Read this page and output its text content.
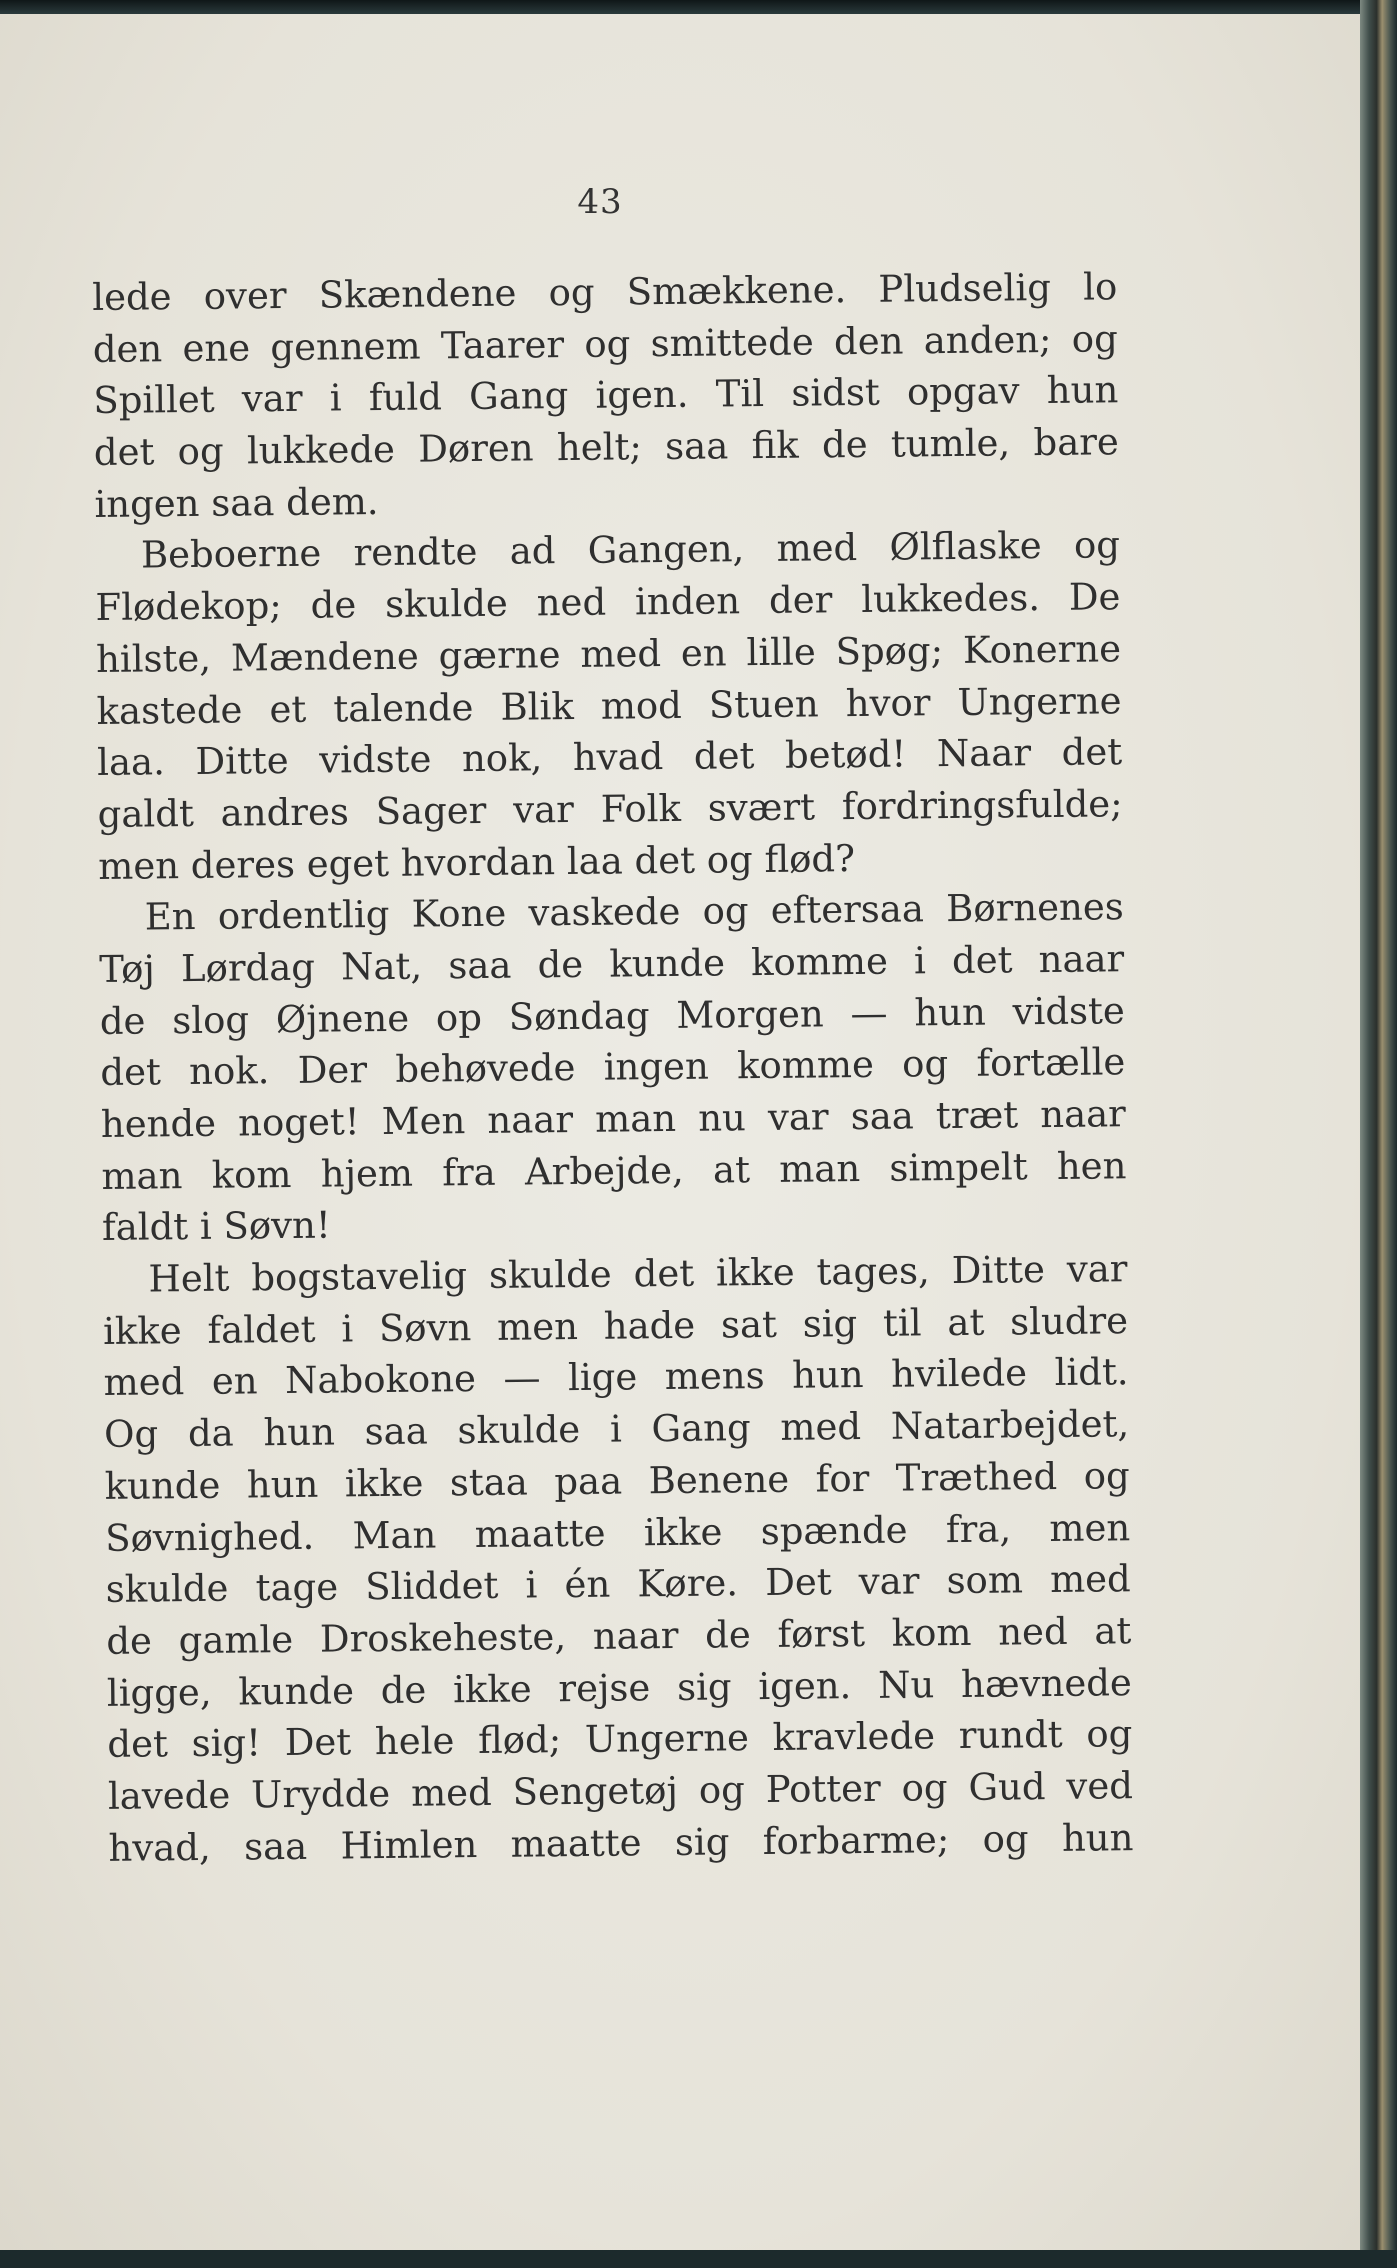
43
lede over Skændene og Smækkene. Pludselig lo
den ene gennem Taarer og smittede den anden; og
Spillet var i fuld Gang igen. Til sidst opgav hun
det og lukkede Døren helt; saa fik de tumle, bare
ingen saa dem.
Beboerne rendte ad Gangen, med Ølflaske og
Flødekop; de skulde ned inden der lukkedes. De
hilste, Mændene gærne med en lille Spøg; Konerne
kastede et talende Blik mod Stuen hvor Ungerne
laa. Ditte vidste nok, hvad det betød! Naar det
galdt andres Sager var Folk svært fordringsfulde;
men deres eget hvordan laa det og flød?
En ordentlig Kone vaskede og eftersaa Børnenes
Tøj Lørdag Nat, saa de kunde komme i det naar
de slog Øjnene op Søndag Morgen — hun vidste
det nok. Der behøvede ingen komme og fortælle
hende noget! Men naar man nu var saa træt naar
man kom hjem fra Arbejde, at man simpelt hen
faldt i Søvn!
Helt bogstavelig skulde det ikke tages, Ditte var
ikke faldet i Søvn men hade sat sig til at sludre
med en Nabokone — lige mens hun hvilede lidt.
Og da hun saa skulde i Gang med Natarbejdet,
kunde hun ikke staa paa Benene for Træthed og
Søvnighed. Man maatte ikke spænde fra, men
skulde tage Sliddet i én Køre. Det var som med
de gamle Droskeheste, naar de først kom ned at
ligge, kunde de ikke rejse sig igen. Nu hævnede
det sig! Det hele flød; Ungerne kravlede rundt og
lavede Urydde med Sengetøj og Potter og Gud ved
hvad, saa Himlen maatte sig forbarme; og hun
